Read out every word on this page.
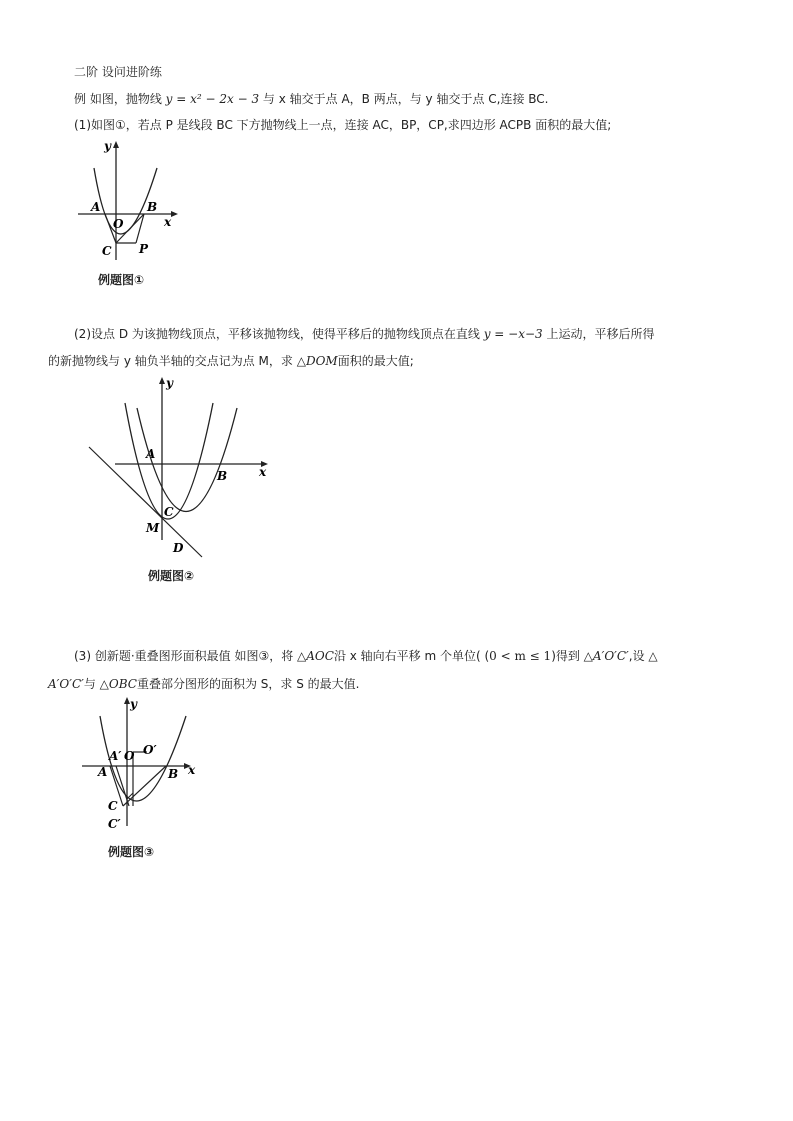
二阶 设问进阶练
例 如图，抛物线 y = x² − 2x − 3 与 x 轴交于点 A，B 两点，与 y 轴交于点 C,连接 BC.
(1)如图①，若点 P 是线段 BC 下方抛物线上一点，连接 AC，BP，CP,求四边形 ACPB 面积的最大值;
y
x
A
O
B
C P
例题图①
(2)设点 D 为该抛物线顶点，平移该抛物线，使得平移后的抛物线顶点在直线 y = −x−3 上运动，平移后所得
的新抛物线与 y 轴负半轴的交点记为点 M，求 △DOM面积的最大值;
y
x
A
B
C
M
D
例题图②
(3) 创新题·重叠图形面积最值 如图③，将 △AOC沿 x 轴向右平移 m 个单位( (0 < m ≤ 1)得到 △A′O′C′,设 △
A′O′C′与 △OBC重叠部分图形的面积为 S，求 S 的最大值.
y
x
A′ O O′
A	B
C
C′
例题图③
